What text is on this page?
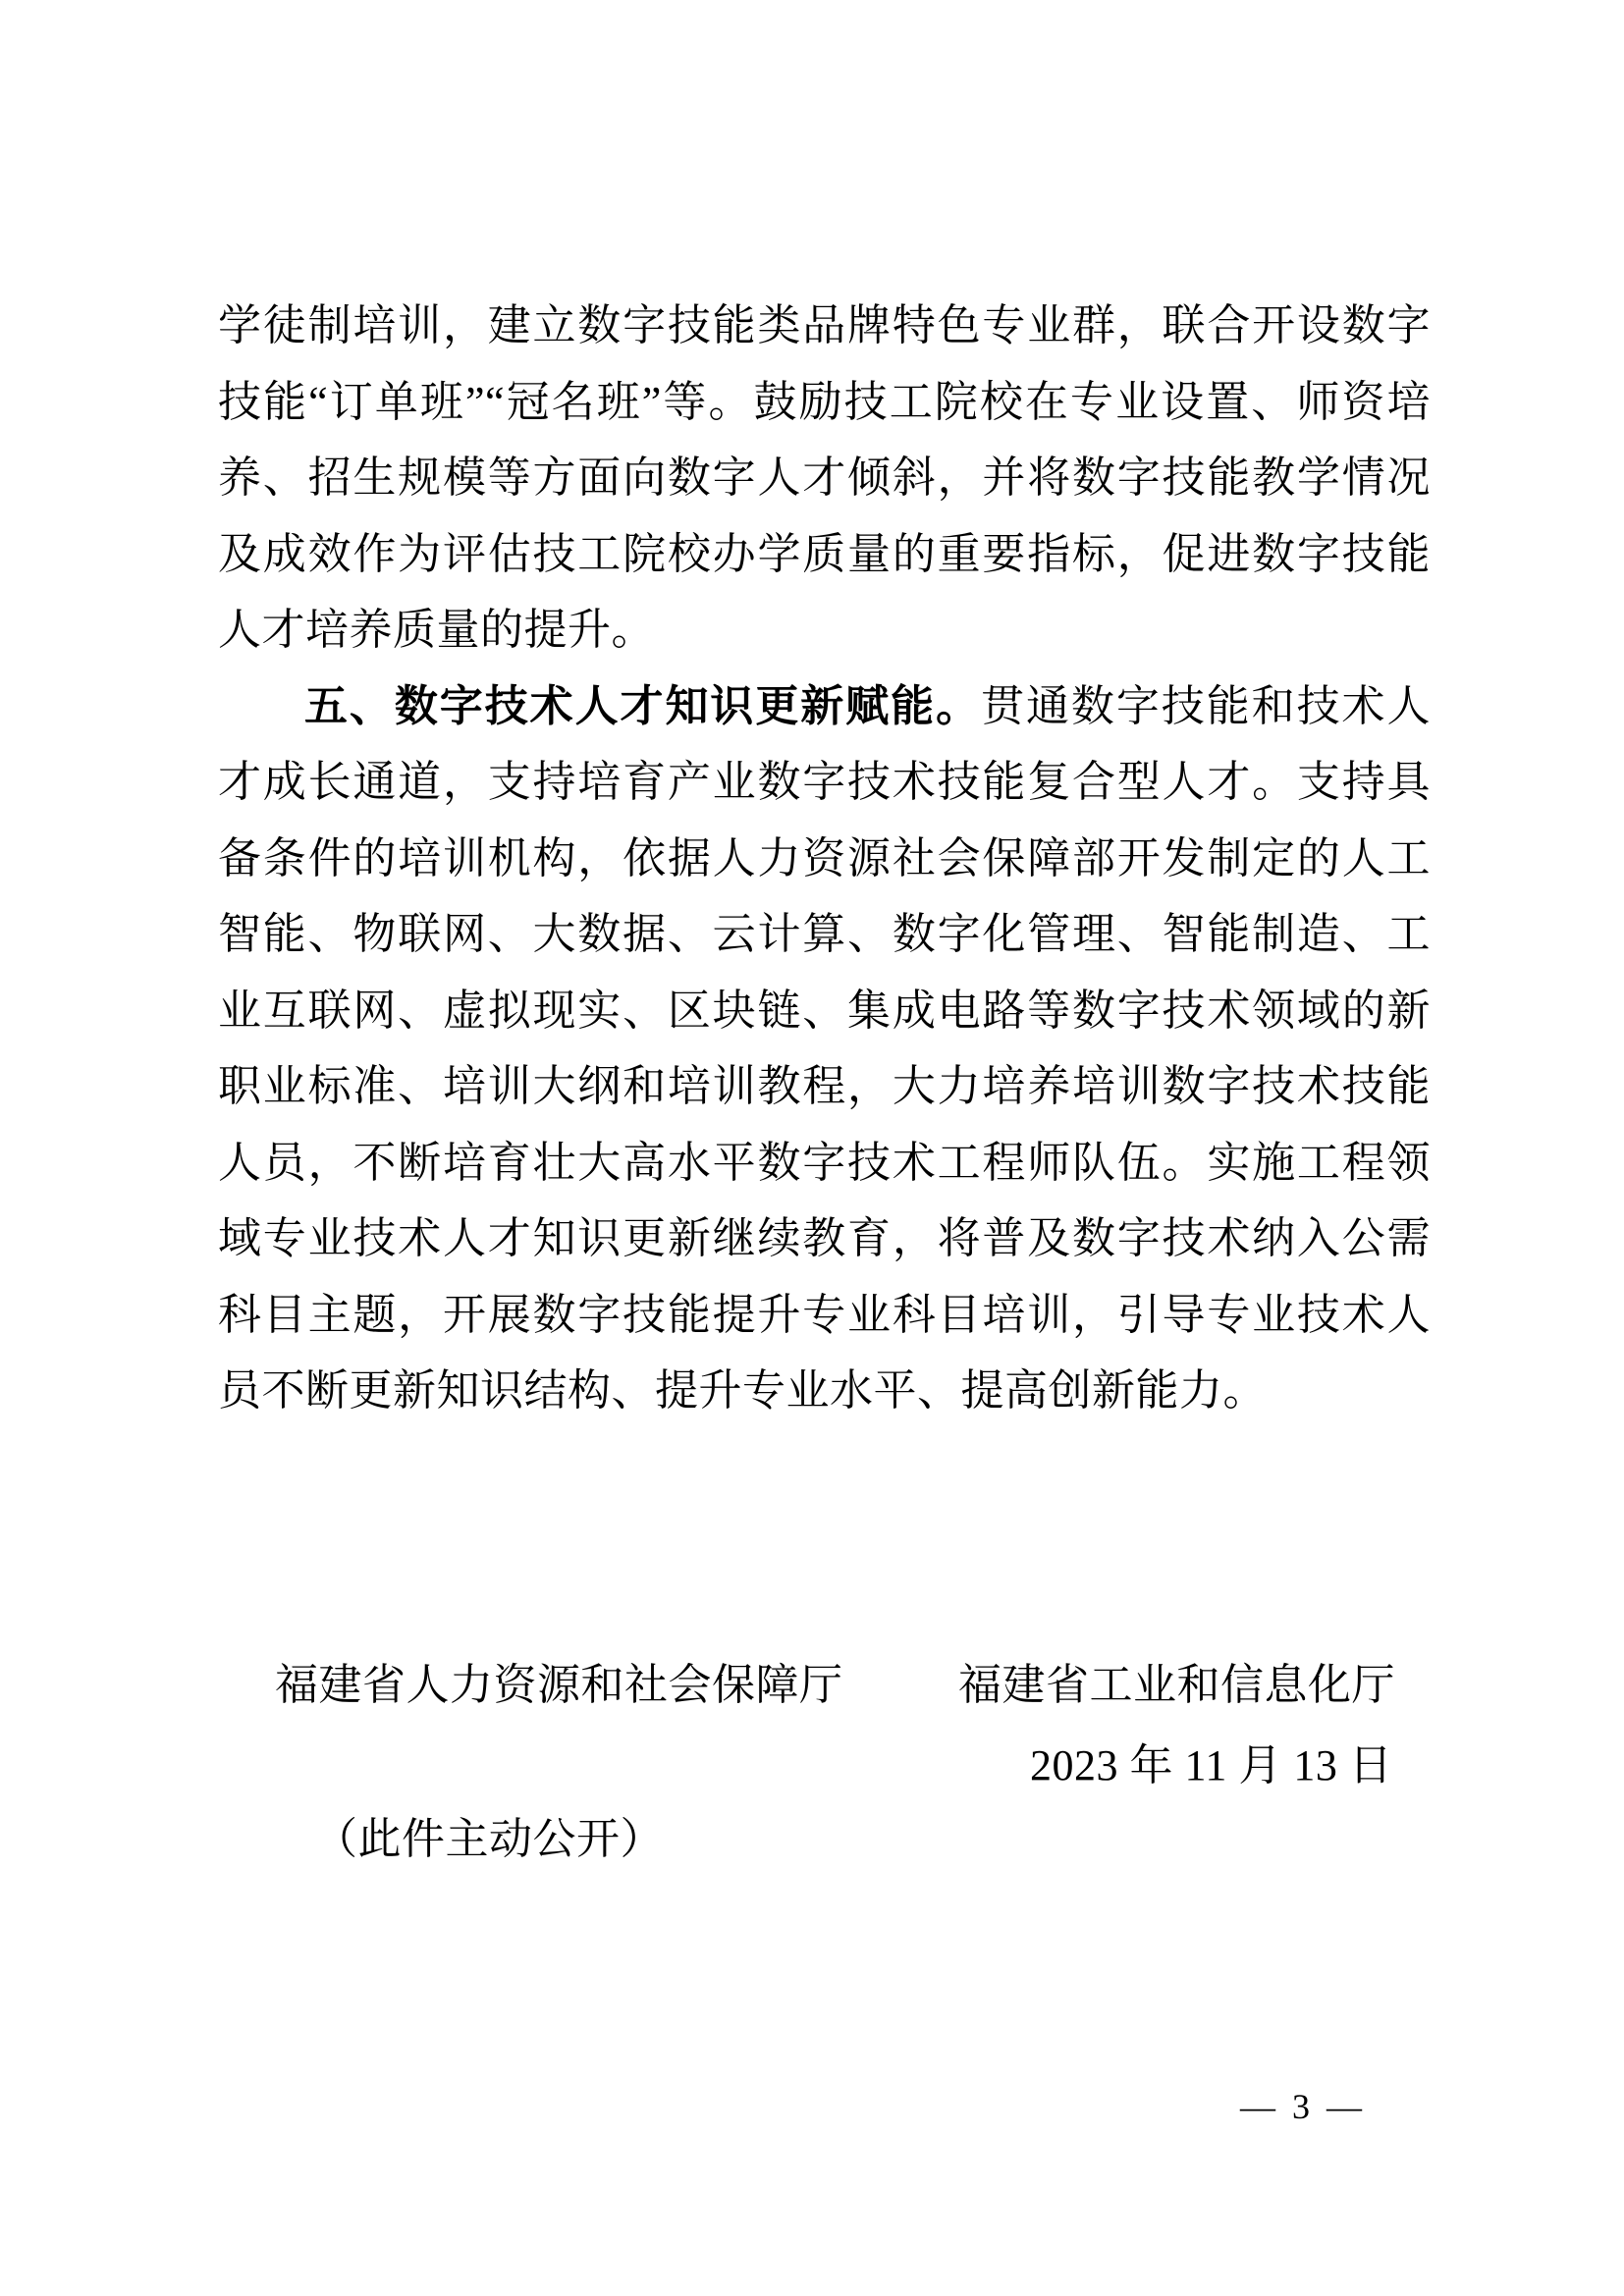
学徒制培训，建立数字技能类品牌特色专业群，联合开设数字技能“订单班”“冠名班”等。鼓励技工院校在专业设置、师资培养、招生规模等方面向数字人才倾斜，并将数字技能教学情况及成效作为评估技工院校办学质量的重要指标，促进数字技能人才培养质量的提升。

五、数字技术人才知识更新赋能。贯通数字技能和技术人才成长通道，支持培育产业数字技术技能复合型人才。支持具备条件的培训机构，依据人力资源社会保障部开发制定的人工智能、物联网、大数据、云计算、数字化管理、智能制造、工业互联网、虚拟现实、区块链、集成电路等数字技术领域的新职业标准、培训大纲和培训教程，大力培养培训数字技术技能人员，不断培育壮大高水平数字技术工程师队伍。实施工程领域专业技术人才知识更新继续教育，将普及数字技术纳入公需科目主题，开展数字技能提升专业科目培训，引导专业技术人员不断更新知识结构、提升专业水平、提高创新能力。

福建省人力资源和社会保障厅	福建省工业和信息化厅
2023 年 11 月 13 日
（此件主动公开）
— 3 —
